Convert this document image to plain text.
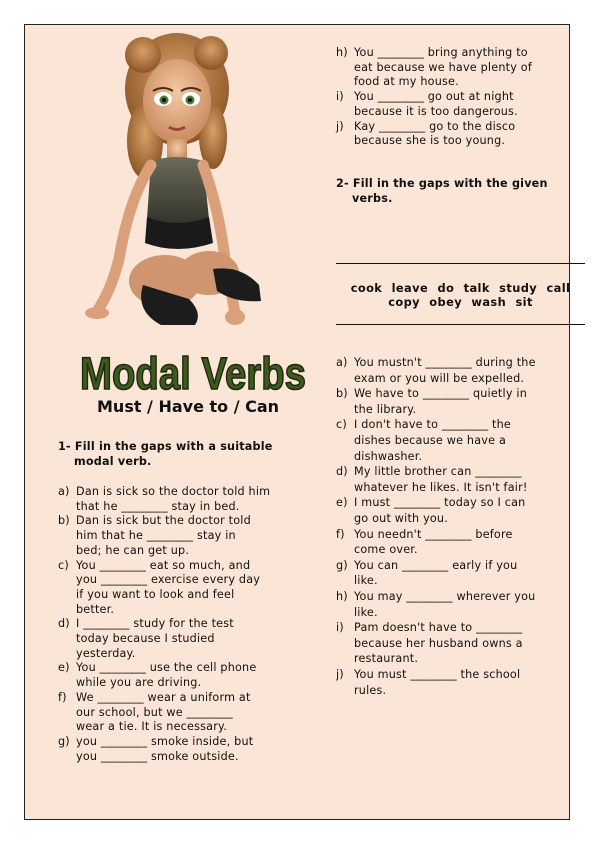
Modal Verbs
Must / Have to / Can
1- Fill in the gaps with a suitable
modal verb.
a) Dan is sick so the doctor told him
that he ________ stay in bed.
b) Dan is sick but the doctor told
him that he ________ stay in
bed; he can get up.
c) You ________ eat so much, and
you ________ exercise every day
if you want to look and feel
better.
d) I ________ study for the test
today because I studied
yesterday.
e) You ________ use the cell phone
while you are driving.
f) We ________ wear a uniform at
our school, but we ________
wear a tie. It is necessary.
g) you ________ smoke inside, but
you ________ smoke outside.
h) You ________ bring anything to
eat because we have plenty of
food at my house.
i) You ________ go out at night
because it is too dangerous.
j) Kay ________ go to the disco
because she is too young.
2- Fill in the gaps with the given
verbs.
cook leave do talk study call
copy obey wash sit
a) You mustn't ________ during the
exam or you will be expelled.
b) We have to ________ quietly in
the library.
c) I don't have to ________ the
dishes because we have a
dishwasher.
d) My little brother can ________
whatever he likes. It isn't fair!
e) I must ________ today so I can
go out with you.
f) You needn't ________ before
come over.
g) You can ________ early if you
like.
h) You may ________ wherever you
like.
i) Pam doesn't have to ________
because her husband owns a
restaurant.
j) You must ________ the school
rules.
